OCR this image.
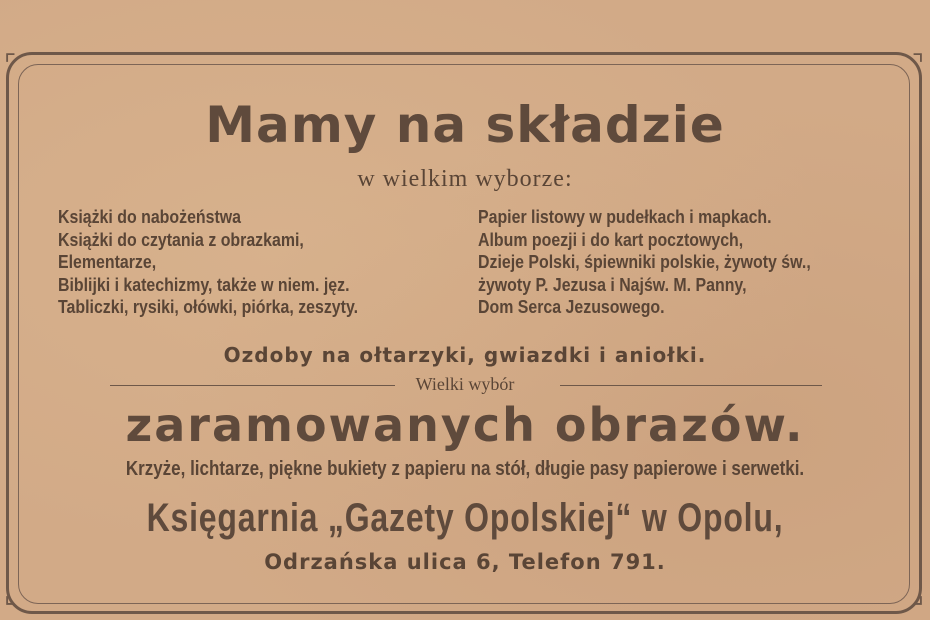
⌜	⌝
⌞	⌟
Mamy na składzie
w wielkim wyborze:
Książki do nabożeństwa
Książki do czytania z obrazkami,
Elementarze,
Biblijki i katechizmy, także w niem. jęz.
Tabliczki, rysiki, ołówki, piórka, zeszyty.
Papier listowy w pudełkach i mapkach.
Album poezji i do kart pocztowych,
Dzieje Polski, śpiewniki polskie, żywoty św.,
żywoty P. Jezusa i Najśw. M. Panny,
Dom Serca Jezusowego.
Ozdoby na ołtarzyki, gwiazdki i aniołki.
Wielki wybór
zaramowanych obrazów.
Krzyże, lichtarze, piękne bukiety z papieru na stół, długie pasy papierowe i serwetki.
Księgarnia „Gazety Opolskiej“ w Opolu,
Odrzańska ulica 6, Telefon 791.
